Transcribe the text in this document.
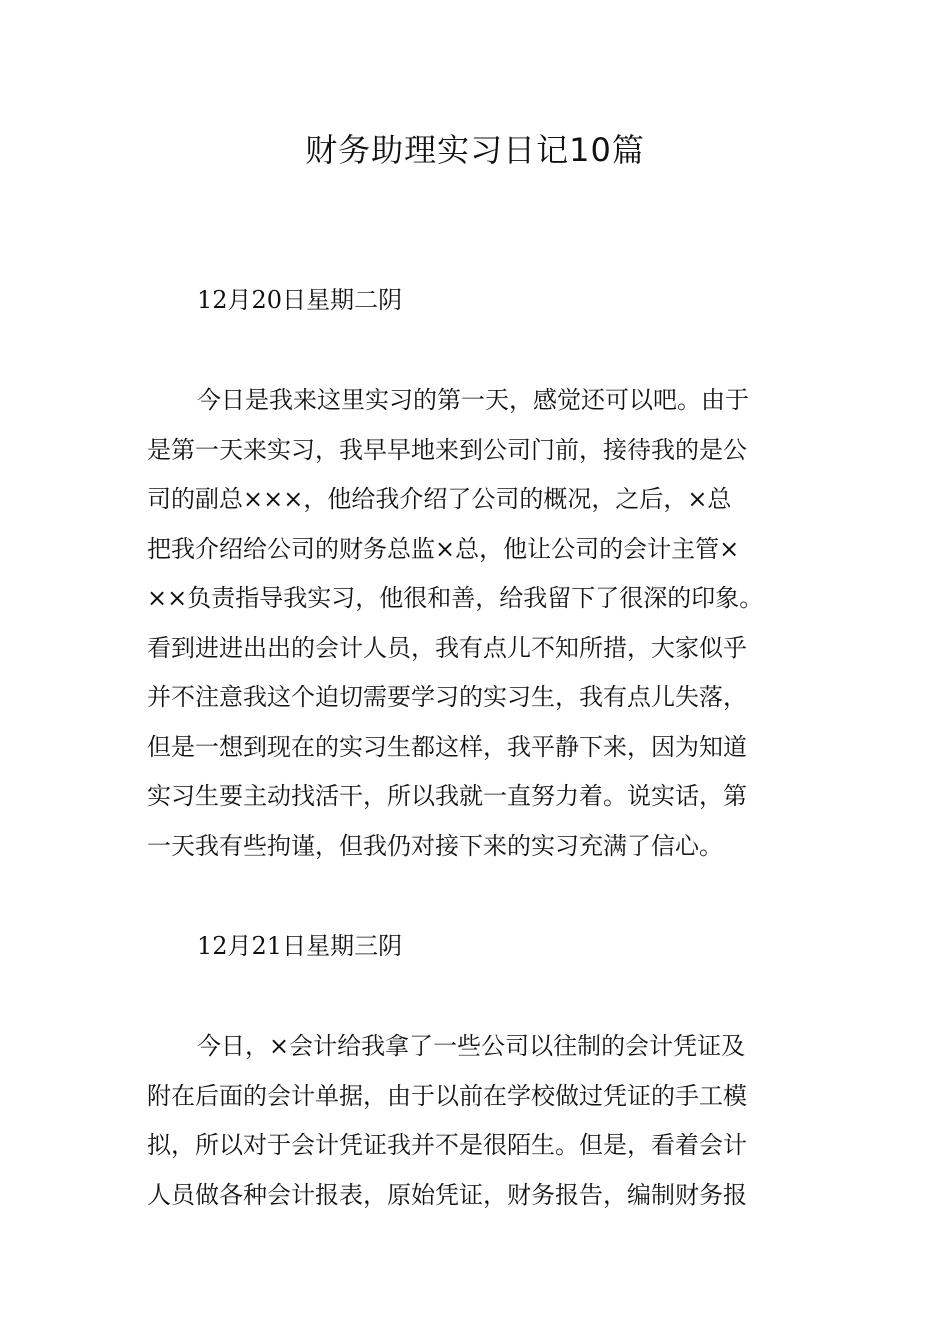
财务助理实习日记10篇

12月20日星期二阴

今日是我来这里实习的第一天，感觉还可以吧。由于
是第一天来实习，我早早地来到公司门前，接待我的是公
司的副总×××，他给我介绍了公司的概况，之后，×总
把我介绍给公司的财务总监×总，他让公司的会计主管×
××负责指导我实习，他很和善，给我留下了很深的印象。
看到进进出出的会计人员，我有点儿不知所措，大家似乎
并不注意我这个迫切需要学习的实习生，我有点儿失落，
但是一想到现在的实习生都这样，我平静下来，因为知道
实习生要主动找活干，所以我就一直努力着。说实话，第
一天我有些拘谨，但我仍对接下来的实习充满了信心。

12月21日星期三阴

今日，×会计给我拿了一些公司以往制的会计凭证及
附在后面的会计单据，由于以前在学校做过凭证的手工模
拟，所以对于会计凭证我并不是很陌生。但是，看着会计
人员做各种会计报表，原始凭证，财务报告，编制财务报
